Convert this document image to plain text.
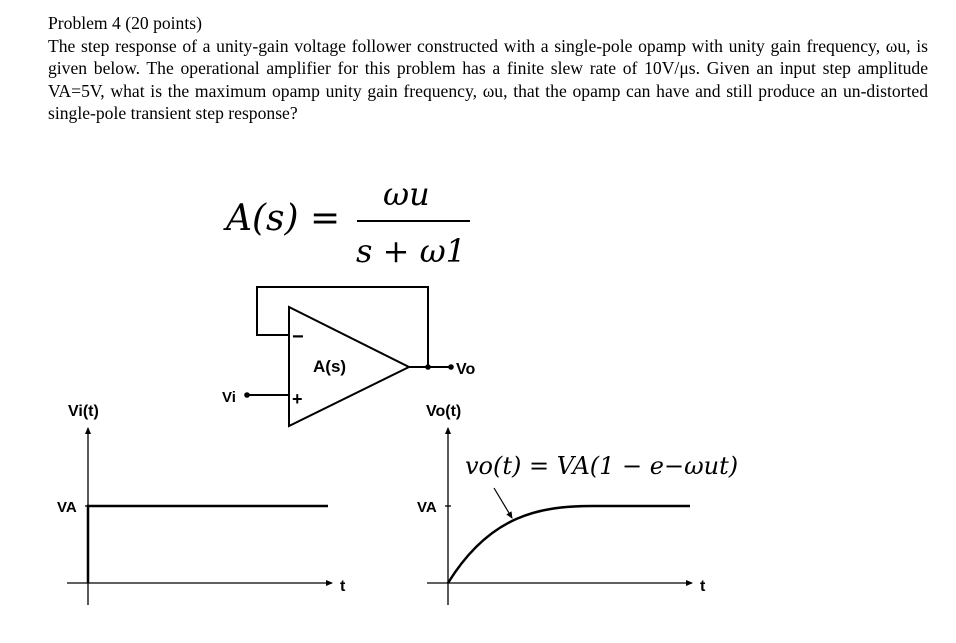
Problem 4 (20 points)
The step response of a unity-gain voltage follower constructed with a single-pole opamp with unity gain frequency, ωu, is given below. The operational amplifier for this problem has a finite slew rate of 10V/μs. Given an input step amplitude VA=5V, what is the maximum opamp unity gain frequency, ωu, that the opamp can have and still produce an un-distorted single-pole transient step response?
A(s) =
ωu
s + ω1
−
+
A(s)	Vo
Vi
Vi(t)
VA
t
Vo(t)
VA
t
vo(t) = VA(1 − e−ωut)
